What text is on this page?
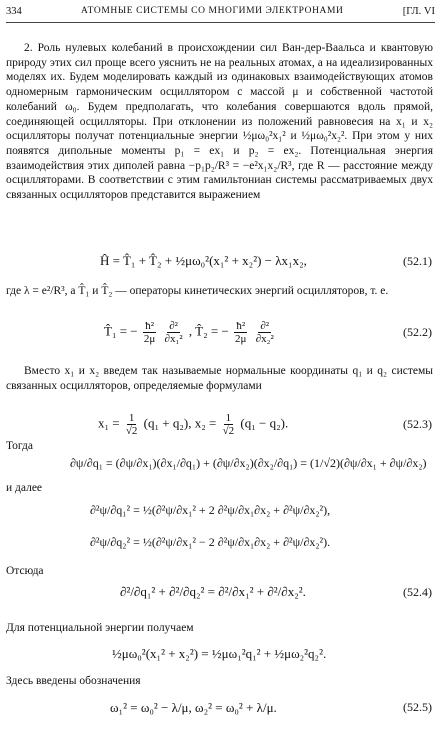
334	АТОМНЫЕ СИСТЕМЫ СО МНОГИМИ ЭЛЕКТРОНАМИ	[ГЛ. VI

2. Роль нулевых колебаний в происхождении сил Ван-дер-Ваальса и квантовую природу этих сил проще всего уяснить не на реальных атомах, а на идеализированных моделях их. Будем моделировать каждый из одинаковых взаимодействующих атомов одномерным гармоническим осциллятором с массой μ и собственной частотой колебаний ω₀. Будем предполагать, что колебания совершаются вдоль прямой, соединяющей осцилляторы. При отклонении из положений равновесия на x₁ и x₂ осцилляторы получат потенциальные энергии ½μω₀²x₁² и ½μω₀²x₂². При этом у них появятся дипольные моменты p₁ = ex₁ и p₂ = ex₂. Потенциальная энергия взаимодействия этих диполей равна −p₁p₂/R³ = −e²x₁x₂/R³, где R — расстояние между осцилляторами. В соответствии с этим гамильтониан системы рассматриваемых двух связанных осцилляторов представится выражением

Ĥ = T̂₁ + T̂₂ + ½μω₀²(x₁² + x₂²) − λx₁x₂,	(52.1)
где λ = e²/R³, а T̂₁ и T̂₂ — операторы кинетических энергий осцилляторов, т. е.
T̂₁ = − $\frac{\text{ħ²}}{2\mu}$
$\frac{\text{∂²}}{\text{∂x₁²}}$ , T̂₂ = − $\frac{\text{ħ²}}{2\mu}$
$\frac{\text{∂²}}{\text{∂x₂²}}$	(52.2)
Вместо x₁ и x₂ введем так называемые нормальные координаты q₁ и q₂ системы связанных осцилляторов, определяемые формулами
$x_1 = \frac{1}{√2} (q_1 + q_2)$, $x_2 = \frac{1}{√2} (q_1 - q_2)$.	(52.3)
Тогда
∂ψ/∂q₁ = (∂ψ/∂x₁)(∂x₁/∂q₁) + (∂ψ/∂x₂)(∂x₂/∂q₁) = (1/√2)(∂ψ/∂x₁ + ∂ψ/∂x₂)
и далее
∂²ψ/∂q₁² = ½(∂²ψ/∂x₁² + 2 ∂²ψ/∂x₁∂x₂ + ∂²ψ/∂x₂²),
∂²ψ/∂q₂² = ½(∂²ψ/∂x₁² − 2 ∂²ψ/∂x₁∂x₂ + ∂²ψ/∂x₂²).
Отсюда
∂²/∂q₁² + ∂²/∂q₂² = ∂²/∂x₁² + ∂²/∂x₂².	(52.4)
Для потенциальной энергии получаем
½μω₀²(x₁² + x₂²) = ½μω₁²q₁² + ½μω₂²q₂².
Здесь введены обозначения
ω₁² = ω₀² − λ/μ, ω₂² = ω₀² + λ/μ.	(52.5)
